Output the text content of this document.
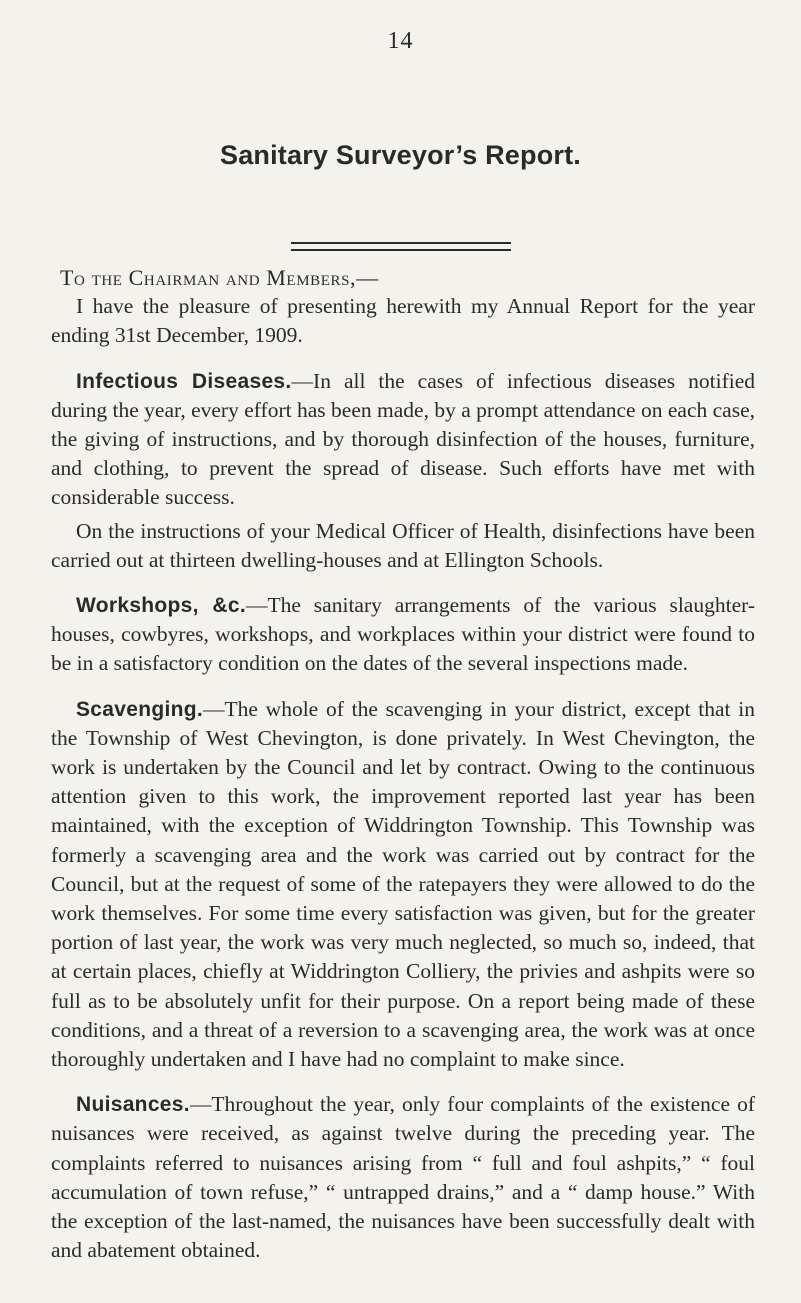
14
Sanitary Surveyor’s Report.
To the Chairman and Members,—

I have the pleasure of presenting herewith my Annual Report for the year ending 31st December, 1909.

Infectious Diseases.—In all the cases of infectious diseases notified during the year, every effort has been made, by a prompt attendance on each case, the giving of instructions, and by thorough disinfection of the houses, furniture, and clothing, to prevent the spread of disease. Such efforts have met with considerable success.

On the instructions of your Medical Officer of Health, disinfections have been carried out at thirteen dwelling-houses and at Ellington Schools.

Workshops, &c.—The sanitary arrangements of the various slaughter-houses, cowbyres, workshops, and workplaces within your district were found to be in a satisfactory condition on the dates of the several inspections made.

Scavenging.—The whole of the scavenging in your district, except that in the Township of West Chevington, is done privately. In West Chevington, the work is undertaken by the Council and let by contract. Owing to the continuous attention given to this work, the improvement reported last year has been maintained, with the exception of Widdrington Township. This Township was formerly a scavenging area and the work was carried out by contract for the Council, but at the request of some of the ratepayers they were allowed to do the work themselves. For some time every satisfaction was given, but for the greater portion of last year, the work was very much neglected, so much so, indeed, that at certain places, chiefly at Widdrington Colliery, the privies and ashpits were so full as to be absolutely unfit for their purpose. On a report being made of these conditions, and a threat of a reversion to a scavenging area, the work was at once thoroughly undertaken and I have had no complaint to make since.

Nuisances.—Throughout the year, only four complaints of the existence of nuisances were received, as against twelve during the preceding year. The complaints referred to nuisances arising from “ full and foul ashpits,” “ foul accumulation of town refuse,” “ untrapped drains,” and a “ damp house.” With the exception of the last-named, the nuisances have been successfully dealt with and abatement obtained.
